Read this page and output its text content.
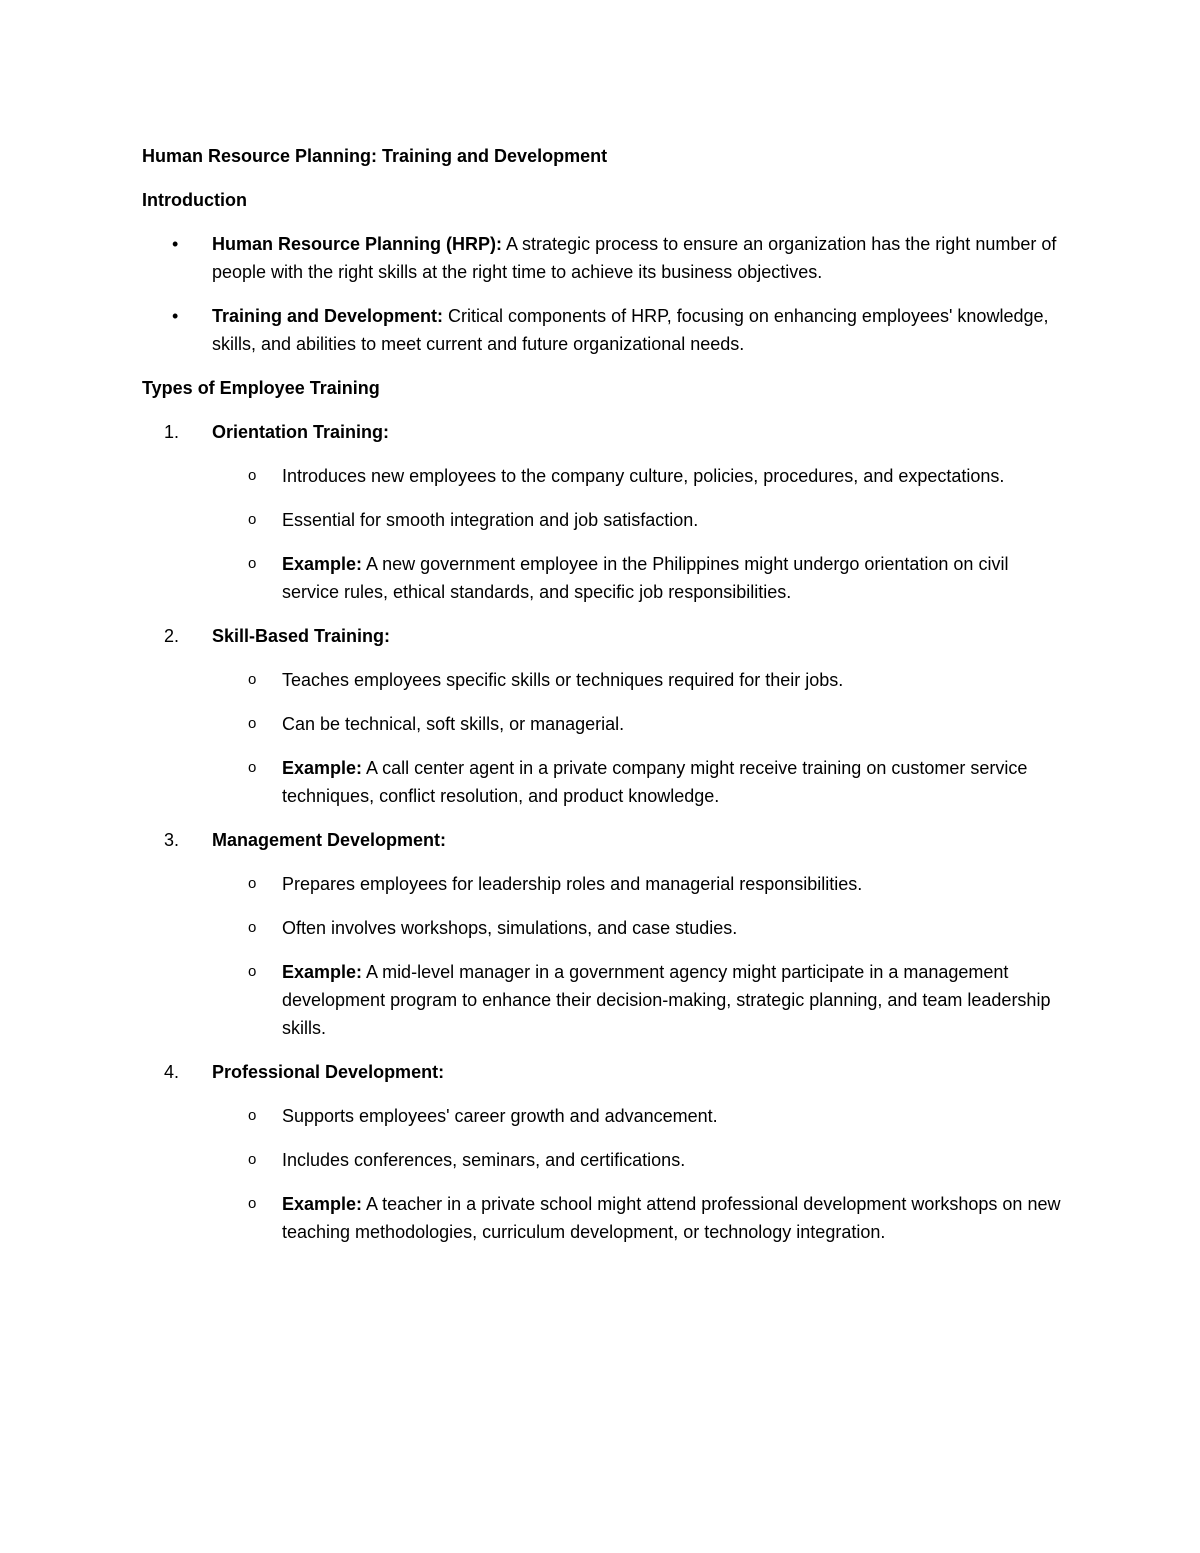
Human Resource Planning: Training and Development
Introduction
•	Human Resource Planning (HRP): A strategic process to ensure an organization has the right number of people with the right skills at the right time to achieve its business objectives.
•	Training and Development: Critical components of HRP, focusing on enhancing employees' knowledge, skills, and abilities to meet current and future organizational needs.
Types of Employee Training
1.	Orientation Training:
o	Introduces new employees to the company culture, policies, procedures, and expectations.
o	Essential for smooth integration and job satisfaction.
o	Example: A new government employee in the Philippines might undergo orientation on civil service rules, ethical standards, and specific job responsibilities.
2.	Skill-Based Training:
o	Teaches employees specific skills or techniques required for their jobs.
o	Can be technical, soft skills, or managerial.
o	Example: A call center agent in a private company might receive training on customer service techniques, conflict resolution, and product knowledge.
3.	Management Development:
o	Prepares employees for leadership roles and managerial responsibilities.
o	Often involves workshops, simulations, and case studies.
o	Example: A mid-level manager in a government agency might participate in a management development program to enhance their decision-making, strategic planning, and team leadership skills.
4.	Professional Development:
o	Supports employees' career growth and advancement.
o	Includes conferences, seminars, and certifications.
o	Example: A teacher in a private school might attend professional development workshops on new teaching methodologies, curriculum development, or technology integration.
